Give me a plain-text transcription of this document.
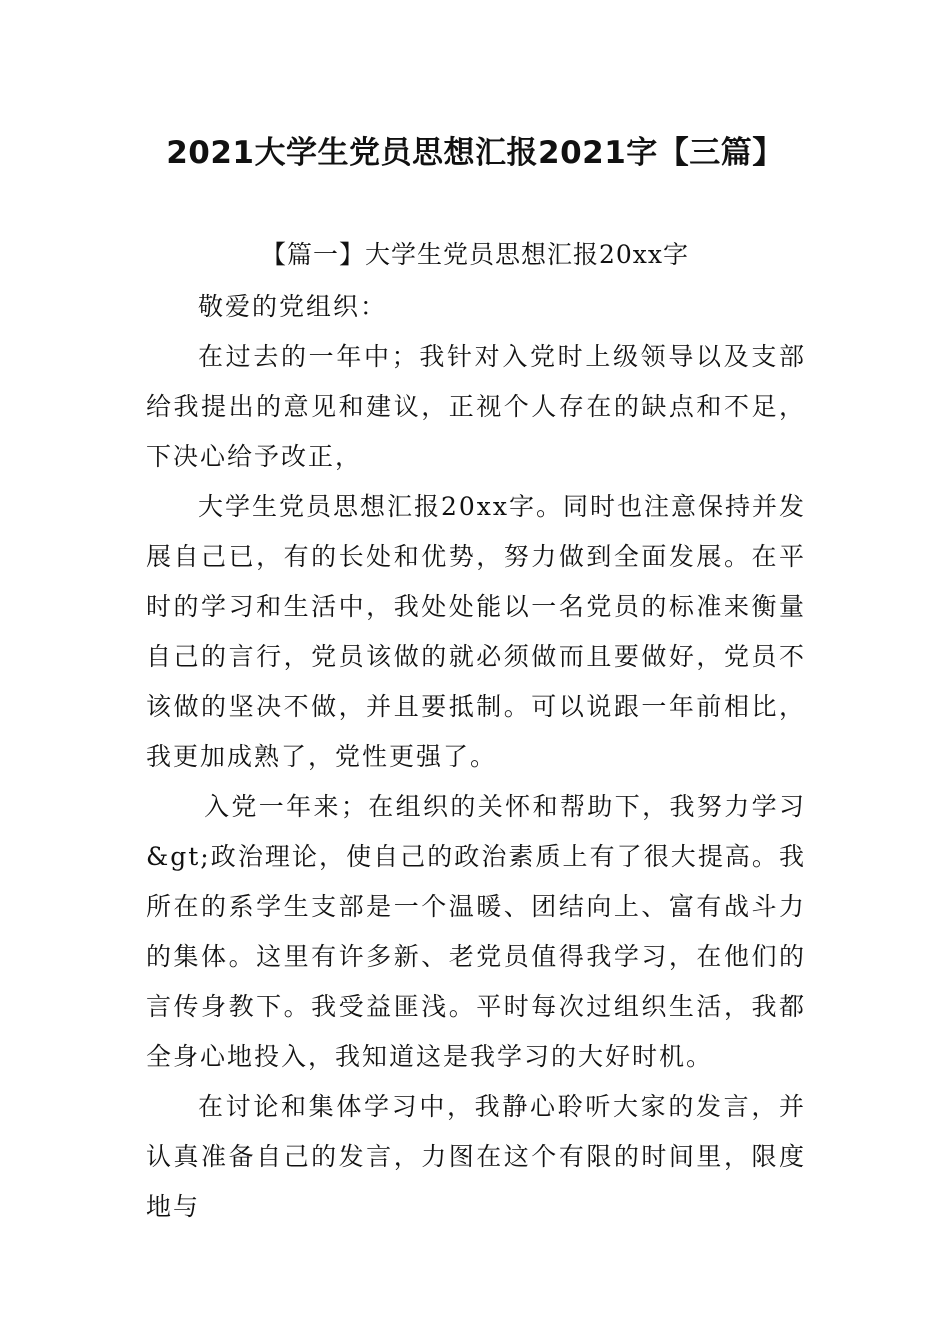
2021大学生党员思想汇报2021字【三篇】

【篇一】大学生党员思想汇报20xx字

敬爱的党组织：

在过去的一年中；我针对入党时上级领导以及支部给我提出的意见和建议，正视个人存在的缺点和不足，下决心给予改正，

大学生党员思想汇报20xx字。同时也注意保持并发展自己已，有的长处和优势，努力做到全面发展。在平时的学习和生活中，我处处能以一名党员的标准来衡量自己的言行，党员该做的就必须做而且要做好，党员不该做的坚决不做，并且要抵制。可以说跟一年前相比，我更加成熟了，党性更强了。

入党一年来；在组织的关怀和帮助下，我努力学习&gt;政治理论，使自己的政治素质上有了很大提高。我所在的系学生支部是一个温暖、团结向上、富有战斗力的集体。这里有许多新、老党员值得我学习，在他们的言传身教下。我受益匪浅。平时每次过组织生活，我都全身心地投入，我知道这是我学习的大好时机。

在讨论和集体学习中，我静心聆听大家的发言，并认真准备自己的发言，力图在这个有限的时间里，限度地与
